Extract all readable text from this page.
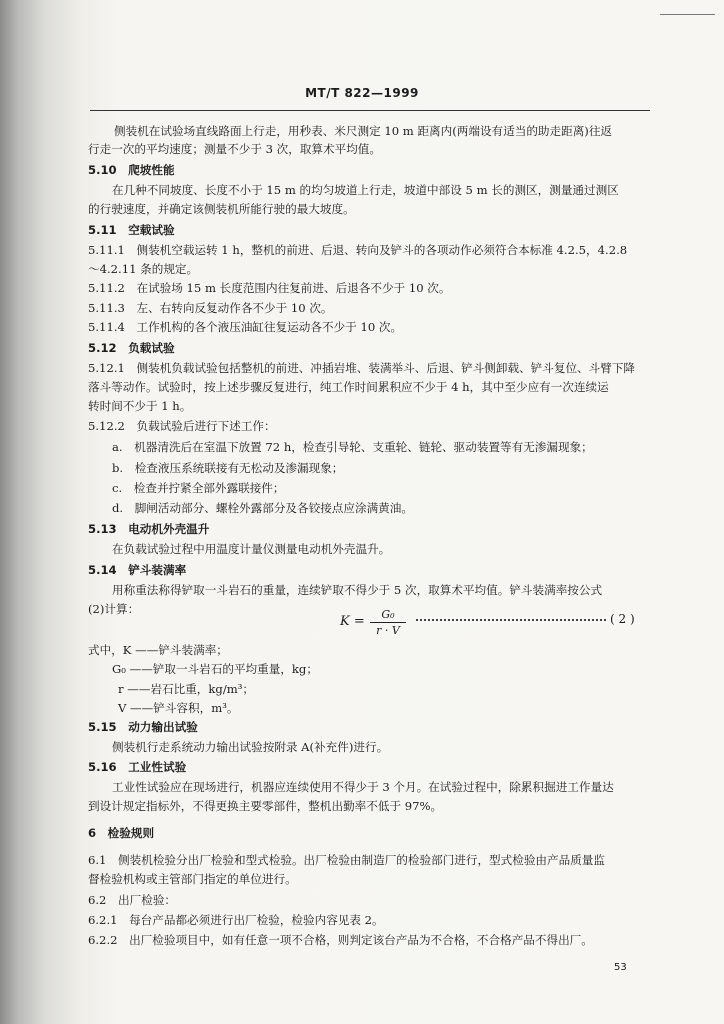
MT/T 822—1999
侧装机在试验场直线路面上行走，用秒表、米尺测定 10 m 距离内(两端设有适当的助走距离)往返
行走一次的平均速度；测量不少于 3 次，取算术平均值。
5.10　爬坡性能
在几种不同坡度、长度不小于 15 m 的均匀坡道上行走，坡道中部设 5 m 长的测区，测量通过测区
的行驶速度，并确定该侧装机所能行驶的最大坡度。
5.11　空载试验
5.11.1　侧装机空载运转 1 h，整机的前进、后退、转向及铲斗的各项动作必须符合本标准 4.2.5，4.2.8
～4.2.11 条的规定。
5.11.2　在试验场 15 m 长度范围内往复前进、后退各不少于 10 次。
5.11.3　左、右转向反复动作各不少于 10 次。
5.11.4　工作机构的各个液压油缸往复运动各不少于 10 次。
5.12　负载试验
5.12.1　侧装机负载试验包括整机的前进、冲插岩堆、装满举斗、后退、铲斗侧卸载、铲斗复位、斗臂下降
落斗等动作。试验时，按上述步骤反复进行，纯工作时间累积应不少于 4 h，其中至少应有一次连续运
转时间不少于 1 h。
5.12.2　负载试验后进行下述工作：
a.　机器清洗后在室温下放置 72 h，检查引导轮、支重轮、链轮、驱动装置等有无渗漏现象；
b.　检查液压系统联接有无松动及渗漏现象；
c.　检查并拧紧全部外露联接件；
d.　脚闸活动部分、螺栓外露部分及各铰接点应涂满黄油。
5.13　电动机外壳温升
在负载试验过程中用温度计量仪测量电动机外壳温升。
5.14　铲斗装满率
用称重法称得铲取一斗岩石的重量，连续铲取不得少于 5 次，取算术平均值。铲斗装满率按公式
(2)计算：
$K = \frac{\text{G₀}}{r \cdot V}$	( 2 )
式中，K ——铲斗装满率；
G₀ ——铲取一斗岩石的平均重量，kg；
r ——岩石比重，kg/m³；
V ——铲斗容积，m³。
5.15　动力输出试验
侧装机行走系统动力输出试验按附录 A(补充件)进行。
5.16　工业性试验
工业性试验应在现场进行，机器应连续使用不得少于 3 个月。在试验过程中，除累积掘进工作量达
到设计规定指标外，不得更换主要零部件，整机出勤率不低于 97%。
6　检验规则
6.1　侧装机检验分出厂检验和型式检验。出厂检验由制造厂的检验部门进行，型式检验由产品质量监
督检验机构或主管部门指定的单位进行。
6.2　出厂检验：
6.2.1　每台产品都必须进行出厂检验，检验内容见表 2。
6.2.2　出厂检验项目中，如有任意一项不合格，则判定该台产品为不合格，不合格产品不得出厂。
53
